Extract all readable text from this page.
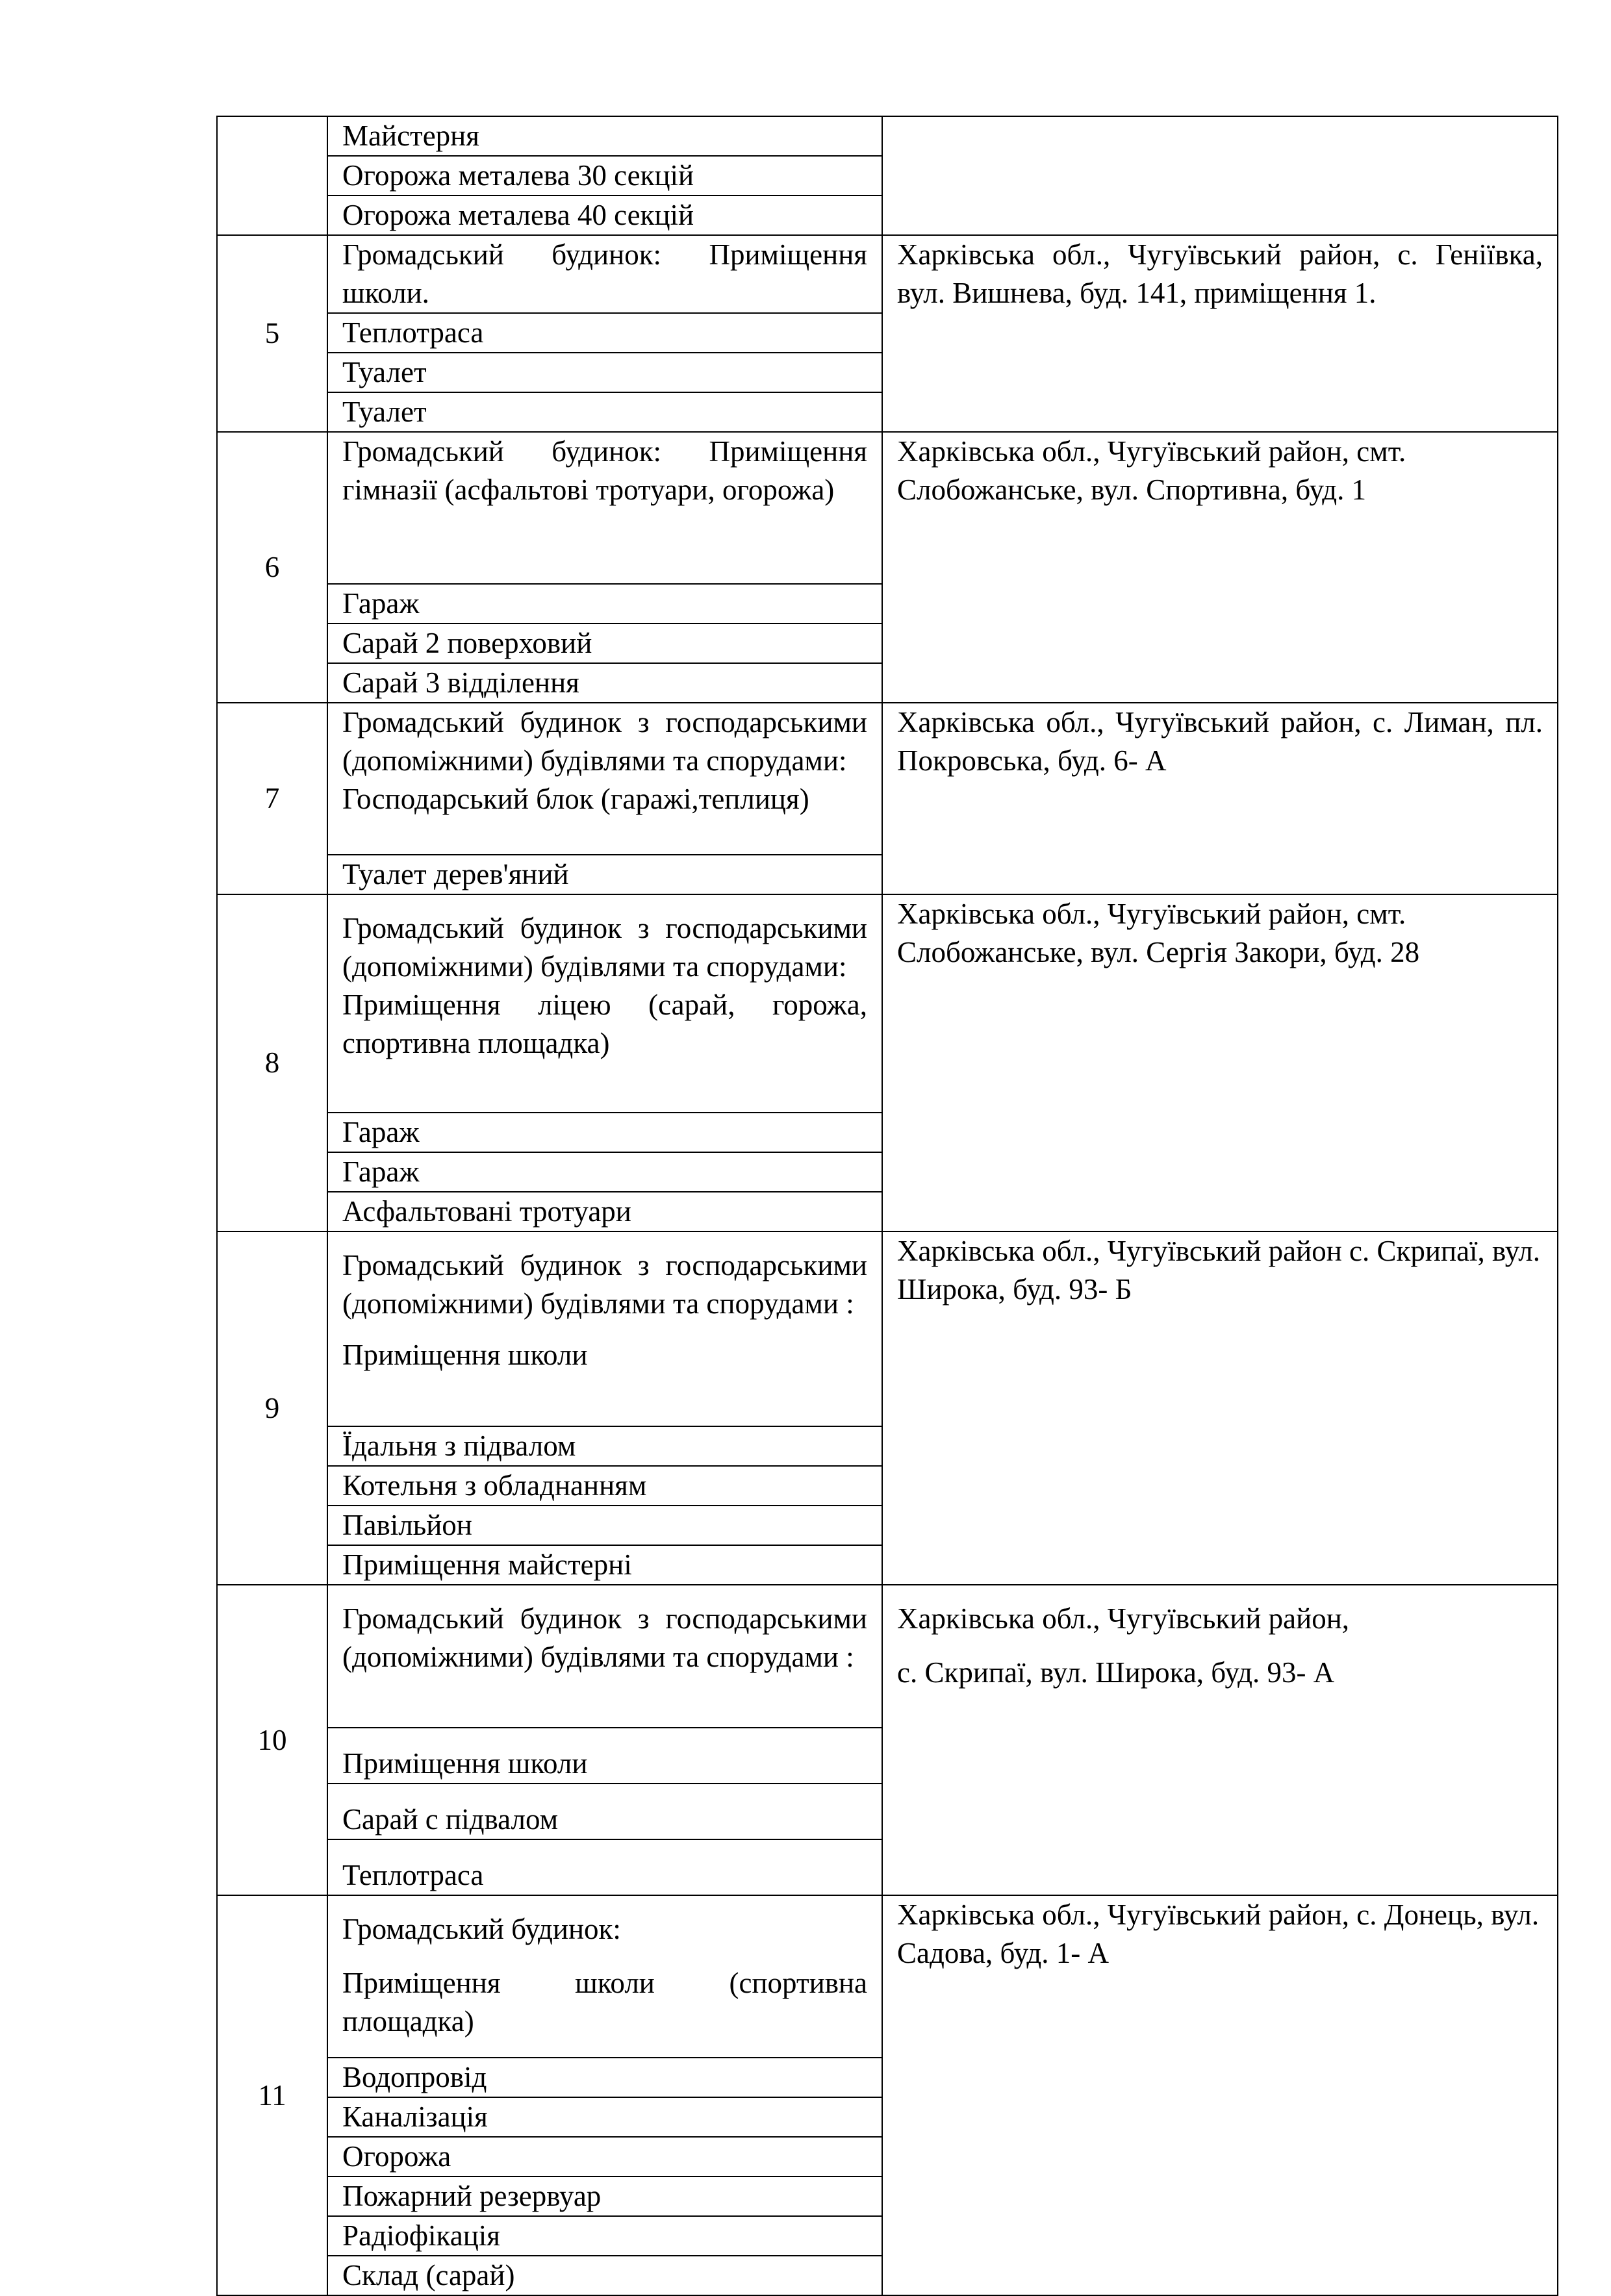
	Майстерня	
	Огорожа металева 30 секцій	
	Огорожа металева 40 секцій	
5	Громадський будинок: Приміщення школи.	Харківська обл., Чугуївський район, с. Геніївка, вул. Вишнева, буд. 141, приміщення 1.

	Теплотраса	
	Туалет	
	Туалет	
6	Громадський будинок: Приміщення гімназії (асфальтові тротуари, огорожа)	Харківська обл., Чугуївський район, смт. Слобожанське, вул. Спортивна, буд. 1
	Гараж	
	Сарай 2 поверховий	
	Сарай 3 відділення	
7	Громадський будинок з господарськими (допоміжними) будівлями та спорудами:
Господарський блок (гаражі,теплиця)	Харківська обл., Чугуївський район, с. Лиман, пл. Покровська, буд. 6- А

	Туалет дерев'яний	
8	Громадський будинок з господарськими (допоміжними) будівлями та спорудами:
Приміщення ліцею (сарай, горожа, спортивна площадка)	Харківська обл., Чугуївський район, смт. Слобожанське, вул. Сергія Закори, буд. 28
	Гараж	
	Гараж	
	Асфальтовані тротуари	
9	Громадський будинок з господарськими (допоміжними) будівлями та спорудами :
Приміщення школи	Харківська обл., Чугуївський район с. Скрипаї, вул. Широка, буд. 93- Б
	Їдальня з підвалом	
	Котельня з обладнанням	
	Павільйон	
	Приміщення майстерні	
10	Громадський будинок з господарськими (допоміжними) будівлями та спорудами :	Харківська обл., Чугуївський район,
с. Скрипаї, вул. Широка, буд. 93- А

	Приміщення школи	
	Сарай с підвалом	
	Теплотраса	
11	Громадський будинок:
Приміщення школи (спортивна площадка)	Харківська обл., Чугуївський район, с. Донець, вул. Садова, буд. 1- А
	Водопровід	
	Каналізація	
	Огорожа	
	Пожарний резервуар	
	Радіофікація	
	Склад (сарай)	
